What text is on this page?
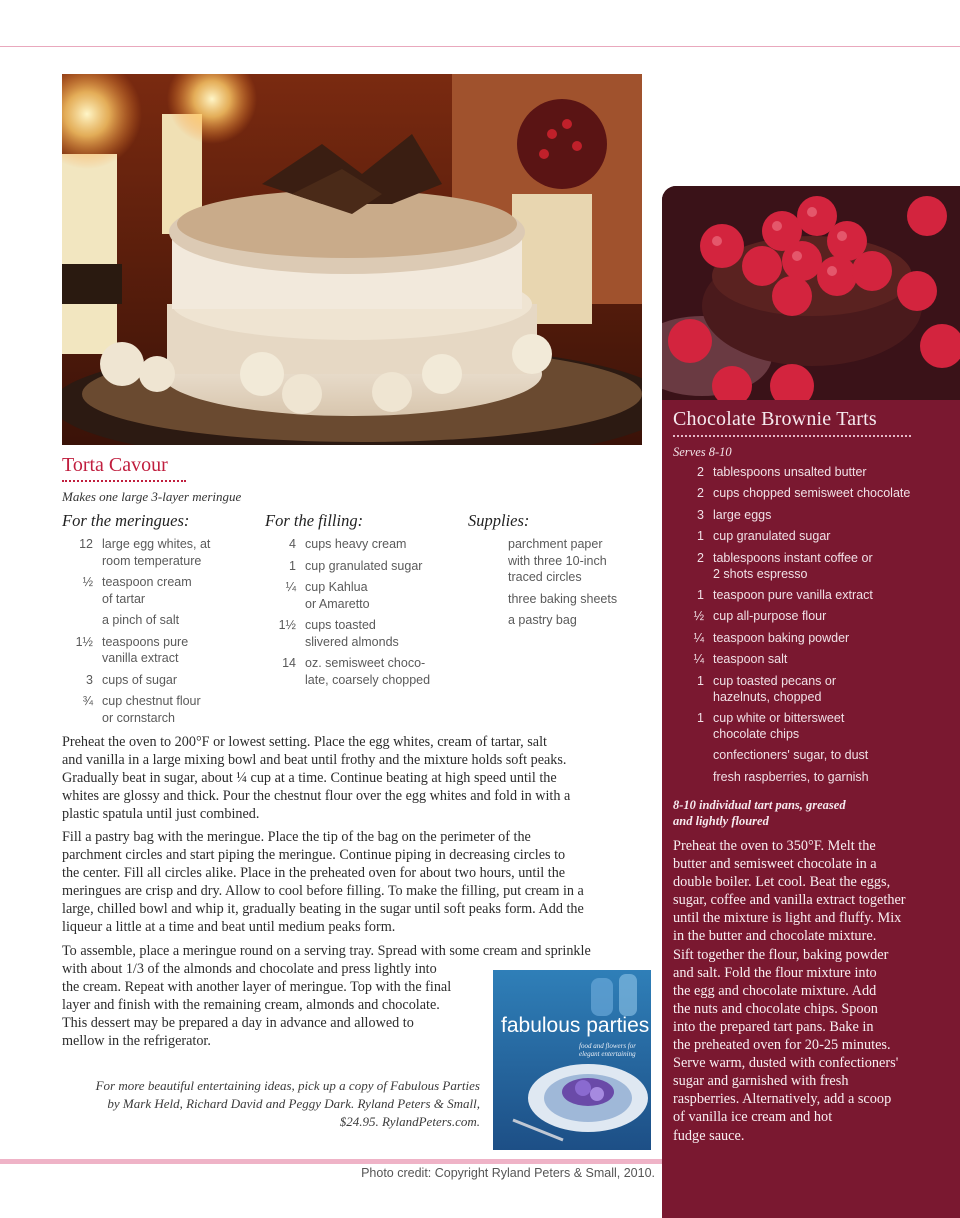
Chocolate Brownie Tarts
Serves 8-10
2 tablespoons unsalted butter
2 cups chopped semisweet chocolate
3 large eggs
1 cup granulated sugar
2 tablespoons instant coffee or
2 shots espresso
1 teaspoon pure vanilla extract
½ cup all-purpose flour
¼ teaspoon baking powder
¼ teaspoon salt
1 cup toasted pecans or
hazelnuts, chopped
1 cup white or bittersweet
chocolate chips
confectioners' sugar, to dust
fresh raspberries, to garnish
8-10 individual tart pans, greased
and lightly floured
Preheat the oven to 350°F. Melt the
butter and semisweet chocolate in a
double boiler. Let cool. Beat the eggs,
sugar, coffee and vanilla extract together
until the mixture is light and fluffy. Mix
in the butter and chocolate mixture.
Sift together the flour, baking powder
and salt. Fold the flour mixture into
the egg and chocolate mixture. Add
the nuts and chocolate chips. Spoon
into the prepared tart pans. Bake in
the preheated oven for 20-25 minutes.
Serve warm, dusted with confectioners'
sugar and garnished with fresh
raspberries. Alternatively, add a scoop
of vanilla ice cream and hot
fudge sauce.
Torta Cavour
Makes one large 3-layer meringue
For the meringues:	For the filling:	Supplies:
12 large egg whites, at
room temperature
½ teaspoon cream
of tartar
a pinch of salt
1½ teaspoons pure
vanilla extract
3 cups of sugar
¾ cup chestnut flour
or cornstarch
4 cups heavy cream
1 cup granulated sugar
¼ cup Kahlua
or Amaretto
1½ cups toasted
slivered almonds
14 oz. semisweet choco-
late, coarsely chopped
parchment paper
with three 10-inch
traced circles
three baking sheets
a pastry bag
Preheat the oven to 200°F or lowest setting. Place the egg whites, cream of tartar, salt
and vanilla in a large mixing bowl and beat until frothy and the mixture holds soft peaks.
Gradually beat in sugar, about ¼ cup at a time. Continue beating at high speed until the
whites are glossy and thick. Pour the chestnut flour over the egg whites and fold in with a
plastic spatula until just combined.
Fill a pastry bag with the meringue. Place the tip of the bag on the perimeter of the
parchment circles and start piping the meringue. Continue piping in decreasing circles to
the center. Fill all circles alike. Place in the preheated oven for about two hours, until the
meringues are crisp and dry. Allow to cool before filling. To make the filling, put cream in a
large, chilled bowl and whip it, gradually beating in the sugar until soft peaks form. Add the
liqueur a little at a time and beat until medium peaks form.
To assemble, place a meringue round on a serving tray. Spread with some cream and sprinkle
with about 1/3 of the almonds and chocolate and press lightly into
the cream. Repeat with another layer of meringue. Top with the final
layer and finish with the remaining cream, almonds and chocolate.
This dessert may be prepared a day in advance and allowed to
mellow in the refrigerator.
fabulous parties
food and flowers for elegant entertaining
For more beautiful entertaining ideas, pick up a copy of Fabulous Parties
by Mark Held, Richard David and Peggy Dark. Ryland Peters & Small,
$24.95. RylandPeters.com.
Photo credit: Copyright Ryland Peters & Small, 2010.
